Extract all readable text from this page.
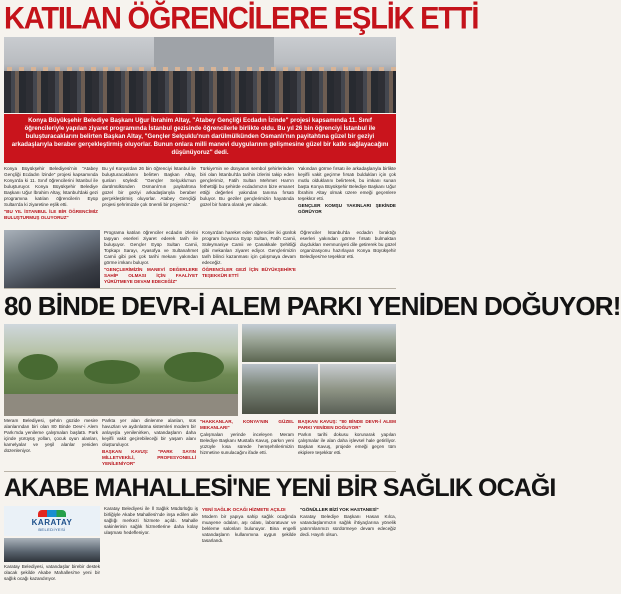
KATILAN ÖĞRENCİLERE EŞLİK ETTİ
Konya Büyükşehir Belediye Başkanı Uğur İbrahim Altay, "Atabey Gençliği Ecdadın İzinde" projesi kapsamında 11. Sınıf öğrencileriyle yapılan ziyaret programında İstanbul gezisinde öğrencilerle birlikte oldu. Bu yıl 26 bin öğrenciyi İstanbul ile buluşturacaklarını belirten Başkan Altay, "Gençler Selçuklu'nun darülmülkünden Osmanlı'nın payitahtına güzel bir geziyi arkadaşlarıyla beraber gerçekleştirmiş oluyorlar. Bunun onlara milli manevi duygularının gelişmesine güzel bir katkı sağlayacağını düşünüyoruz" dedi.
Konya Büyükşehir Belediyesi'nin "Atabey Gençliği Ecdadın İzinde" projesi kapsamında Konya'da ki 11. Sınıf öğrencilerini İstanbul ile buluşturuyor. Konya Büyükşehir Belediye Başkanı Uğur İbrahim Altay, İstanbul'daki gezi programına katılan öğrencilerin Eyüp Sultan'da ki ziyaretine eşlik etti.
"BU YIL İSTANBUL İLE BİR ÖĞRENCİMİZ BULUŞTURMUŞ OLUYORUZ"
Bu yıl Konya'dan 26 bin öğrenciyi İstanbul ile buluşturacaklarını belirten Başkan Altay, şunları söyledi: "Gençler Selçuklu'nun darülmülkünden Osmanlı'nın payitahtına güzel bir geziyi arkadaşlarıyla beraber gerçekleştirmiş oluyorlar. Atabey Gençliği projesi şehrimizde çok önemli bir projemiz."
Türkiye'nin ve dünyanın sembol şehirlerinden biri olan İstanbul'da tarihin izlerini takip eden gençlerimiz, Fatih Sultan Mehmet Han'ın fethettiği bu şehirde ecdadımızın bize emanet ettiği değerleri yakından tanıma fırsatı buluyor. Bu geziler gençlerimizin hayatında güzel bir hatıra olarak yer alacak.
Yakından görme fırsatı ile arkadaşlarıyla birlikte keyifli vakit geçirme fırsatı buldukları için çok mutlu olduklarını belirterek, bu imkanı sunan başta Konya Büyükşehir Belediye Başkanı Uğur İbrahim Altay olmak üzere emeği geçenlere teşekkür etti.
GENÇLER KOMŞU YAKINLARI ŞEKİNDE GÖRÜYOR
Programa katılan öğrenciler ecdadın izlerini taşıyan eserleri ziyaret ederek tarih ile buluşuyor. Gençler Eyüp Sultan Camii, Topkapı Sarayı, Ayasofya ve Sultanahmet Camii gibi pek çok tarihi mekanı yakından görme imkanı buluyor.
"GENÇLERİMİZİN MANEVİ DEĞERLERE SAHİP OLMASI İÇİN FAALİYET YÜRÜTMEYE DEVAM EDECEĞİZ"
Konya'dan hareket eden öğrenciler iki günlük program boyunca Eyüp Sultan, Fatih Camii, Süleymaniye Camii ve Çanakkale Şehitliği gibi mekanları ziyaret ediyor. Gençlerimizin tarih bilinci kazanması için çalışmaya devam edeceğiz.
ÖĞRENCİLER GEZİ İÇİN BÜYÜKŞEHİR'E TEŞEKKÜR ETTİ
Öğrenciler İstanbul'da ecdadın bıraktığı eserleri yakından görme fırsatı bulmaktan duydukları memnuniyeti dile getirerek bu güzel organizasyonu hazırlayan Konya Büyükşehir Belediyesi'ne teşekkür etti.
80 BİNDE DEVR-İ ALEM PARKI YENİDEN DOĞUYOR!
Meram Belediyesi, şehrin güzide mesire alanlarından biri olan 80 Binde Devr-i Alem Parkı'nda yenileme çalışmaları başlattı. Park içinde yürüyüş yolları, çocuk oyun alanları, kamelyalar ve yeşil alanlar yeniden düzenleniyor.
Parkta yer alan dinlenme alanları, süs havuzları ve aydınlatma sistemleri modern bir anlayışla yenilenirken, vatandaşların daha keyifli vakit geçirebileceği bir yaşam alanı oluşturuluyor.
BAŞKAN KAVUŞ: "PARK SAYIN MİLLETVEKİLİ, PROFESYONELLİ YENİLENİYOR"
"HAKKANLAR, KONYA'NIN GÜZEL MEKANLARI"
Çalışmaları yerinde inceleyen Meram Belediye Başkanı Mustafa Kavuş, parkın yeni yüzüyle kısa sürede hemşehrilerimizin hizmetine sunulacağını ifade etti.
BAŞKAN KAVUŞ: "80 BİNDE DEVR-İ ALEM PARKI YENİDEN DOĞUYOR"
Parkın tarihi dokusu korunarak yapılan çalışmalar ile alan daha işlevsel hale getiriliyor. Başkan Kavuş, projede emeği geçen tüm ekiplere teşekkür etti.
AKABE MAHALLESİ'NE YENİ BİR SAĞLIK OCAĞI
KARATAY
BELEDİYESİ
Karatay Belediyesi, vatandaşlar birebir destek olacak şekilde Akabe Mahallesi'ne yeni bir sağlık ocağı kazandırıyor.
Karatay Belediyesi ile İl Sağlık Müdürlüğü iş birliğiyle Akabe Mahallesi'nde inşa edilen aile sağlığı merkezi hizmete açıldı. Mahalle sakinlerinin sağlık hizmetlerine daha kolay ulaşması hedefleniyor.
YENİ SAĞLIK OCAĞI HİZMETE AÇILDI
Modern bir yapıya sahip sağlık ocağında muayene odaları, aşı odası, laboratuvar ve bekleme salonları bulunuyor. Bina engelli vatandaşların kullanımına uygun şekilde tasarlandı.
"GÖNÜLLER BİZİ YOK HASTANESİ"
Karatay Belediye Başkanı Hasan Kılca, vatandaşlarımızın sağlık ihtiyaçlarına yönelik yatırımlarımızı sürdürmeye devam edeceğiz dedi. Hayırlı olsun.
